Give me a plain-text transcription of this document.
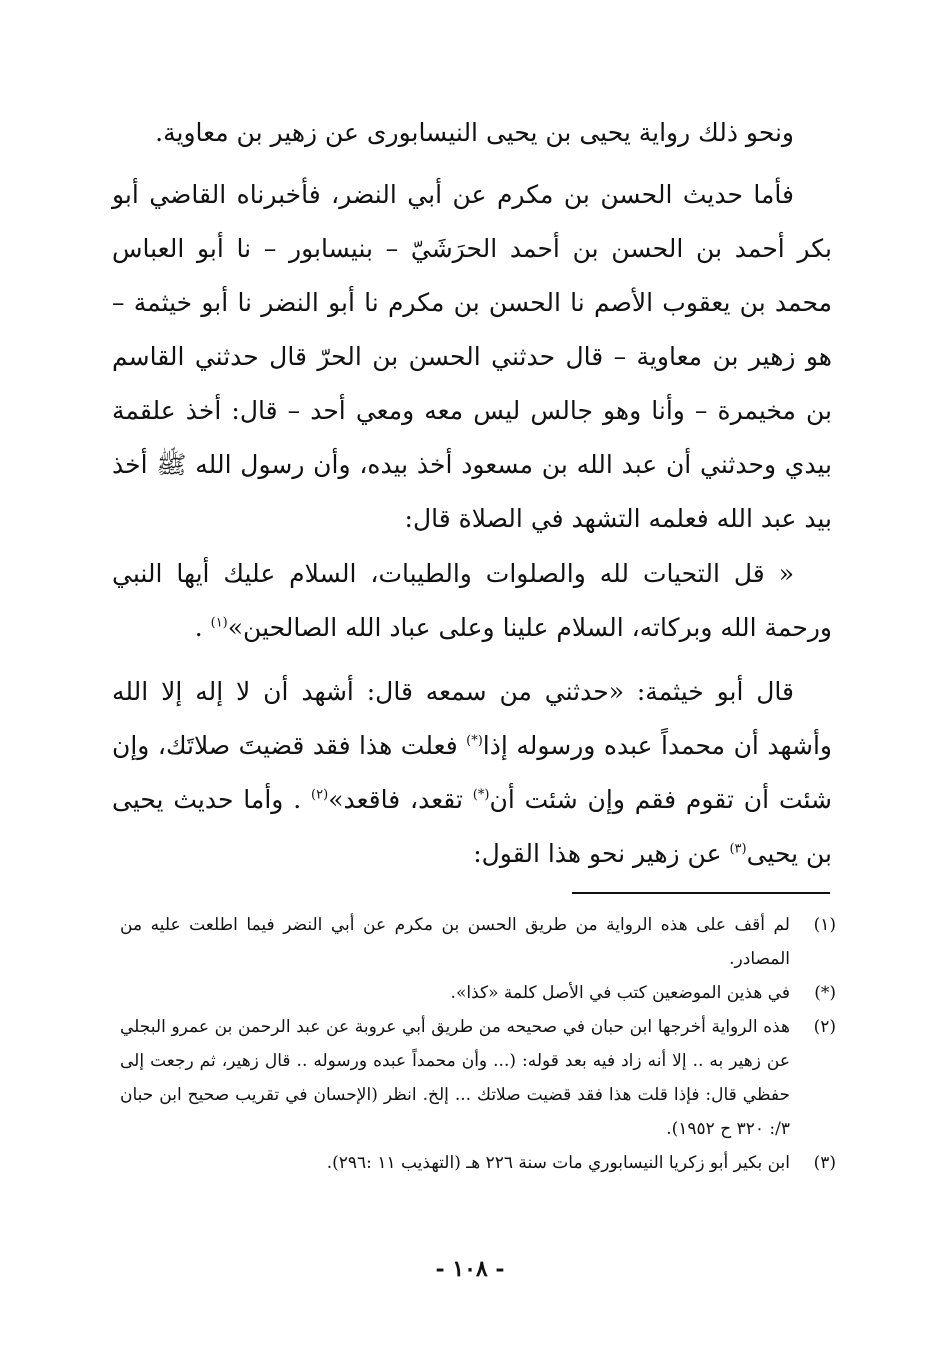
ونحو ذلك رواية يحيى بن يحيى النيسابورى عن زهير بن معاوية.

فأما حديث الحسن بن مكرم عن أبي النضر، فأخبرناه القاضي أبو بكر أحمد بن الحسن بن أحمد الحرَشَيّ – بنيسابور – نا أبو العباس محمد بن يعقوب الأصم نا الحسن بن مكرم نا أبو النضر نا أبو خيثمة – هو زهير بن معاوية – قال حدثني الحسن بن الحرّ قال حدثني القاسم بن مخيمرة – وأنا وهو جالس ليس معه ومعي أحد – قال: أخذ علقمة بيدي وحدثني أن عبد الله بن مسعود أخذ بيده، وأن رسول الله ﷺ أخذ بيد عبد الله فعلمه التشهد في الصلاة قال:

« قل التحيات لله والصلوات والطيبات، السلام عليك أيها النبي ورحمة الله وبركاته، السلام علينا وعلى عباد الله الصالحين»$^{(١)}$ .

قال أبو خيثمة: «حدثني من سمعه قال: أشهد أن لا إله إلا الله وأشهد أن محمداً عبده ورسوله إذا(*) فعلت هذا فقد قضيتَ صلاتَك، وإن شئت أن تقوم فقم وإن شئت أن(*) تقعد، فاقعد»$^{(٢)}$ . وأما حديث يحيى بن يحيى$^{(٣)}$ عن زهير نحو هذا القول:

(١)
لم أقف على هذه الرواية من طريق الحسن بن مكرم عن أبي النضر فيما اطلعت عليه من المصادر.
(*)
في هذين الموضعين كتب في الأصل كلمة «كذا».
(٢)
هذه الرواية أخرجها ابن حبان في صحيحه من طريق أبي عروبة عن عبد الرحمن بن عمرو البجلي عن زهير به .. إلا أنه زاد فيه بعد قوله: (... وأن محمداً عبده ورسوله .. قال زهير، ثم رجعت إلى حفظي قال: فإذا قلت هذا فقد قضيت صلاتك ... إلخ. انظر (الإحسان في تقريب صحيح ابن حبان ٣/: ٣٢٠ ح ١٩٥٢).
(٣)
ابن بكير أبو زكريا النيسابوري مات سنة ٢٢٦ هـ (التهذيب ١١ :٢٩٦).
- ١٠٨ -
